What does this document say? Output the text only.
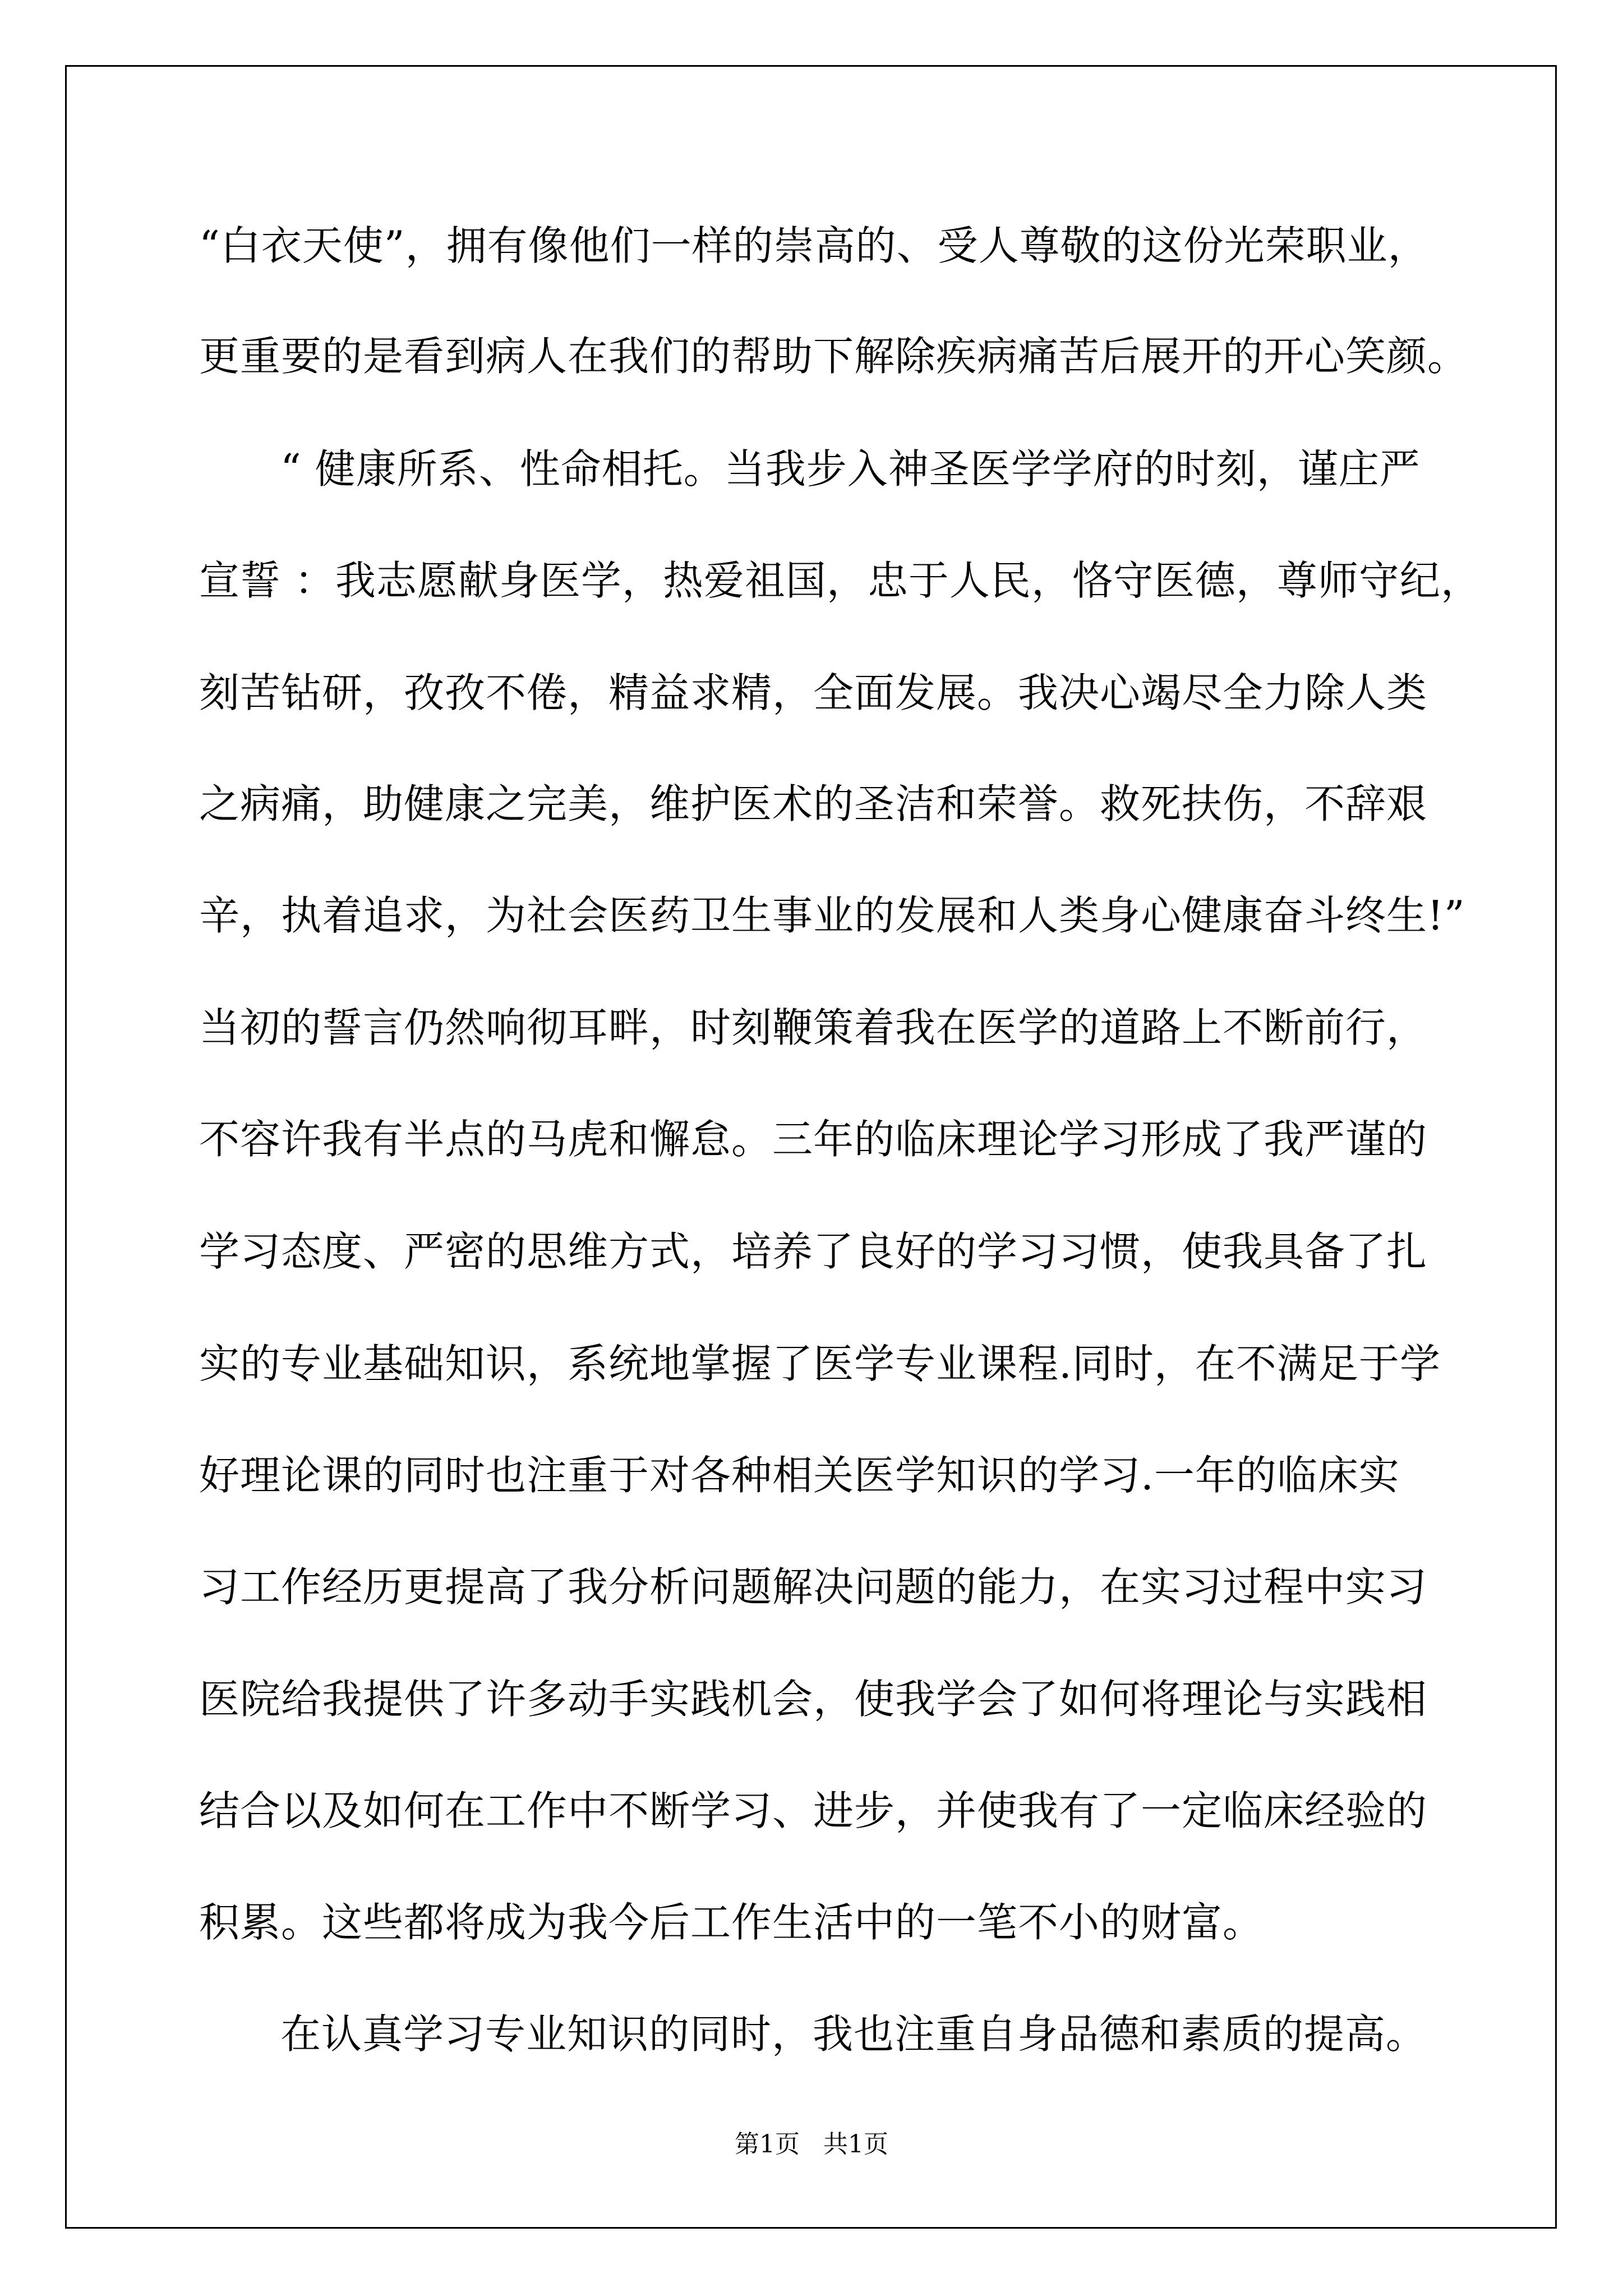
“白衣天使”，拥有像他们一样的崇高的、受人尊敬的这份光荣职业，
更重要的是看到病人在我们的帮助下解除疾病痛苦后展开的开心笑颜。
“ 健康所系、性命相托。当我步入神圣医学学府的时刻，谨庄严
宣誓 ：我志愿献身医学，热爱祖国，忠于人民，恪守医德，尊师守纪，
刻苦钻研，孜孜不倦，精益求精，全面发展。我决心竭尽全力除人类
之病痛，助健康之完美，维护医术的圣洁和荣誉。救死扶伤，不辞艰
辛，执着追求，为社会医药卫生事业的发展和人类身心健康奋斗终生!”
当初的誓言仍然响彻耳畔，时刻鞭策着我在医学的道路上不断前行，
不容许我有半点的马虎和懈怠。三年的临床理论学习形成了我严谨的
学习态度、严密的思维方式，培养了良好的学习习惯，使我具备了扎
实的专业基础知识，系统地掌握了医学专业课程.同时，在不满足于学
好理论课的同时也注重于对各种相关医学知识的学习.一年的临床实
习工作经历更提高了我分析问题解决问题的能力，在实习过程中实习
医院给我提供了许多动手实践机会，使我学会了如何将理论与实践相
结合以及如何在工作中不断学习、进步，并使我有了一定临床经验的
积累。这些都将成为我今后工作生活中的一笔不小的财富。
在认真学习专业知识的同时，我也注重自身品德和素质的提高。
第1页   共1页
